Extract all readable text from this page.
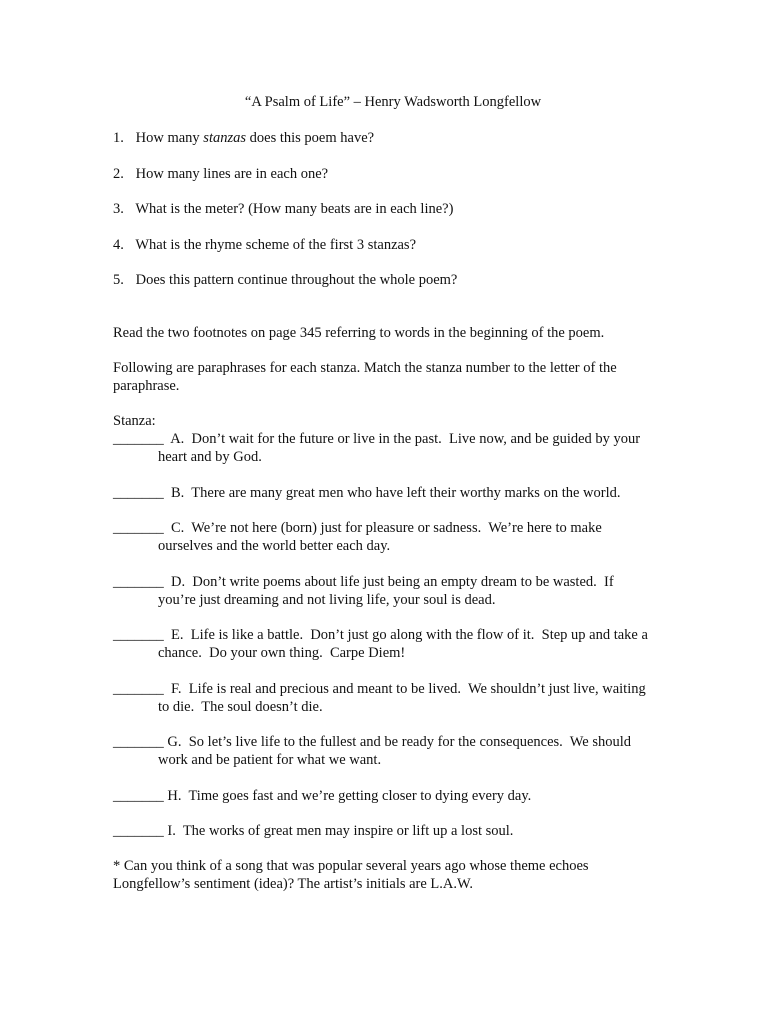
“A Psalm of Life” – Henry Wadsworth Longfellow

1. How many stanzas does this poem have?
2. How many lines are in each one?
3. What is the meter? (How many beats are in each line?)
4. What is the rhyme scheme of the first 3 stanzas?
5. Does this pattern continue throughout the whole poem?

Read the two footnotes on page 345 referring to words in the beginning of the poem.

Following are paraphrases for each stanza. Match the stanza number to the letter of the paraphrase.

Stanza:

_______  A.  Don’t wait for the future or live in the past.  Live now, and be guided by your heart and by God.

_______  B.  There are many great men who have left their worthy marks on the world.

_______  C.  We’re not here (born) just for pleasure or sadness.  We’re here to make ourselves and the world better each day.

_______  D.  Don’t write poems about life just being an empty dream to be wasted.  If you’re just dreaming and not living life, your soul is dead.

_______  E.  Life is like a battle.  Don’t just go along with the flow of it.  Step up and take a chance.  Do your own thing.  Carpe Diem!

_______  F.  Life is real and precious and meant to be lived.  We shouldn’t just live, waiting to die.  The soul doesn’t die.

_______ G.  So let’s live life to the fullest and be ready for the consequences.  We should work and be patient for what we want.

_______ H.  Time goes fast and we’re getting closer to dying every day.

_______ I.  The works of great men may inspire or lift up a lost soul.

* Can you think of a song that was popular several years ago whose theme echoes Longfellow’s sentiment (idea)? The artist’s initials are L.A.W.
